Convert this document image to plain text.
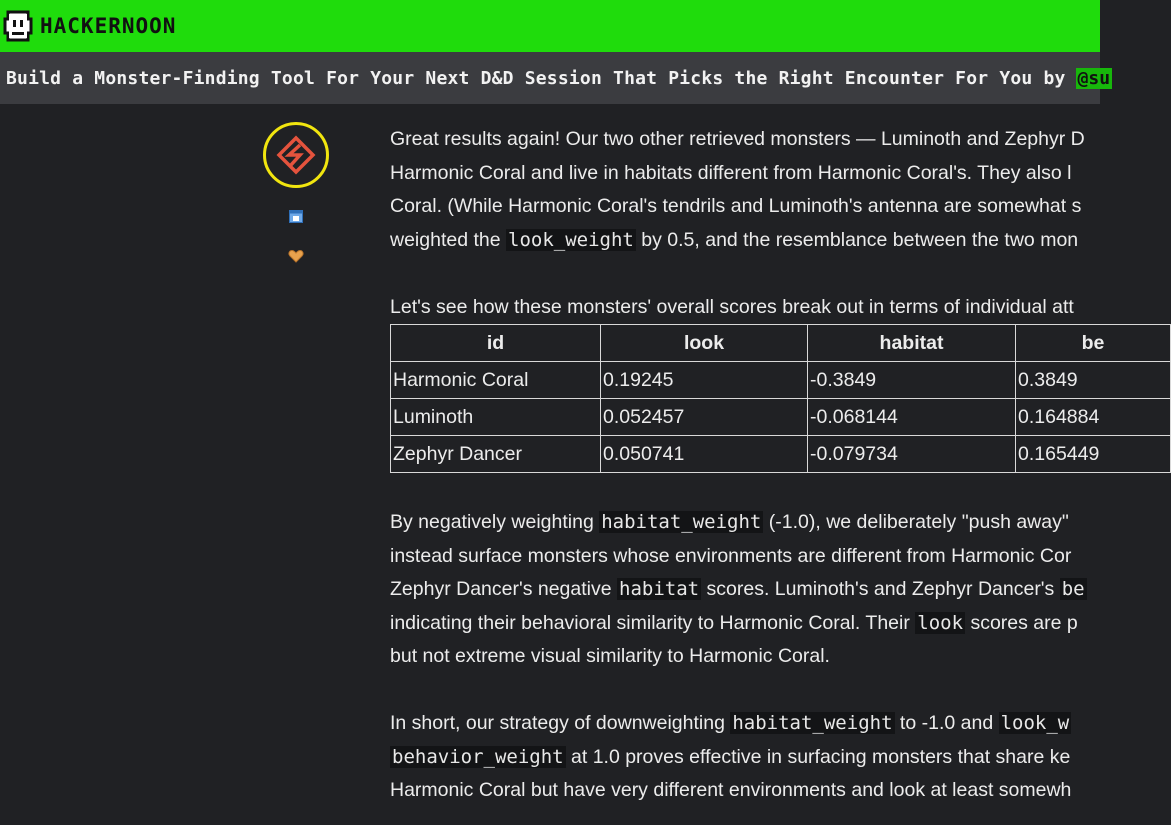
HACKERNOON
Build a Monster-Finding Tool For Your Next D&D Session That Picks the Right Encounter For You by @su

Great results again! Our two other retrieved monsters — Luminoth and Zephyr D
Harmonic Coral and live in habitats different from Harmonic Coral's. They also l
Coral. (While Harmonic Coral's tendrils and Luminoth's antenna are somewhat s
weighted the look_weight by 0.5, and the resemblance between the two mon

Let's see how these monsters' overall scores break out in terms of individual att

id	look	habitat	be
Harmonic Coral	0.19245	-0.3849	0.3849
Luminoth	0.052457	-0.068144	0.164884
Zephyr Dancer	0.050741	-0.079734	0.165449

By negatively weighting habitat_weight (-1.0), we deliberately "push away"
instead surface monsters whose environments are different from Harmonic Cor
Zephyr Dancer's negative habitat scores. Luminoth's and Zephyr Dancer's be
indicating their behavioral similarity to Harmonic Coral. Their look scores are p
but not extreme visual similarity to Harmonic Coral.

In short, our strategy of downweighting habitat_weight to -1.0 and look_w
behavior_weight at 1.0 proves effective in surfacing monsters that share ke
Harmonic Coral but have very different environments and look at least somewh
